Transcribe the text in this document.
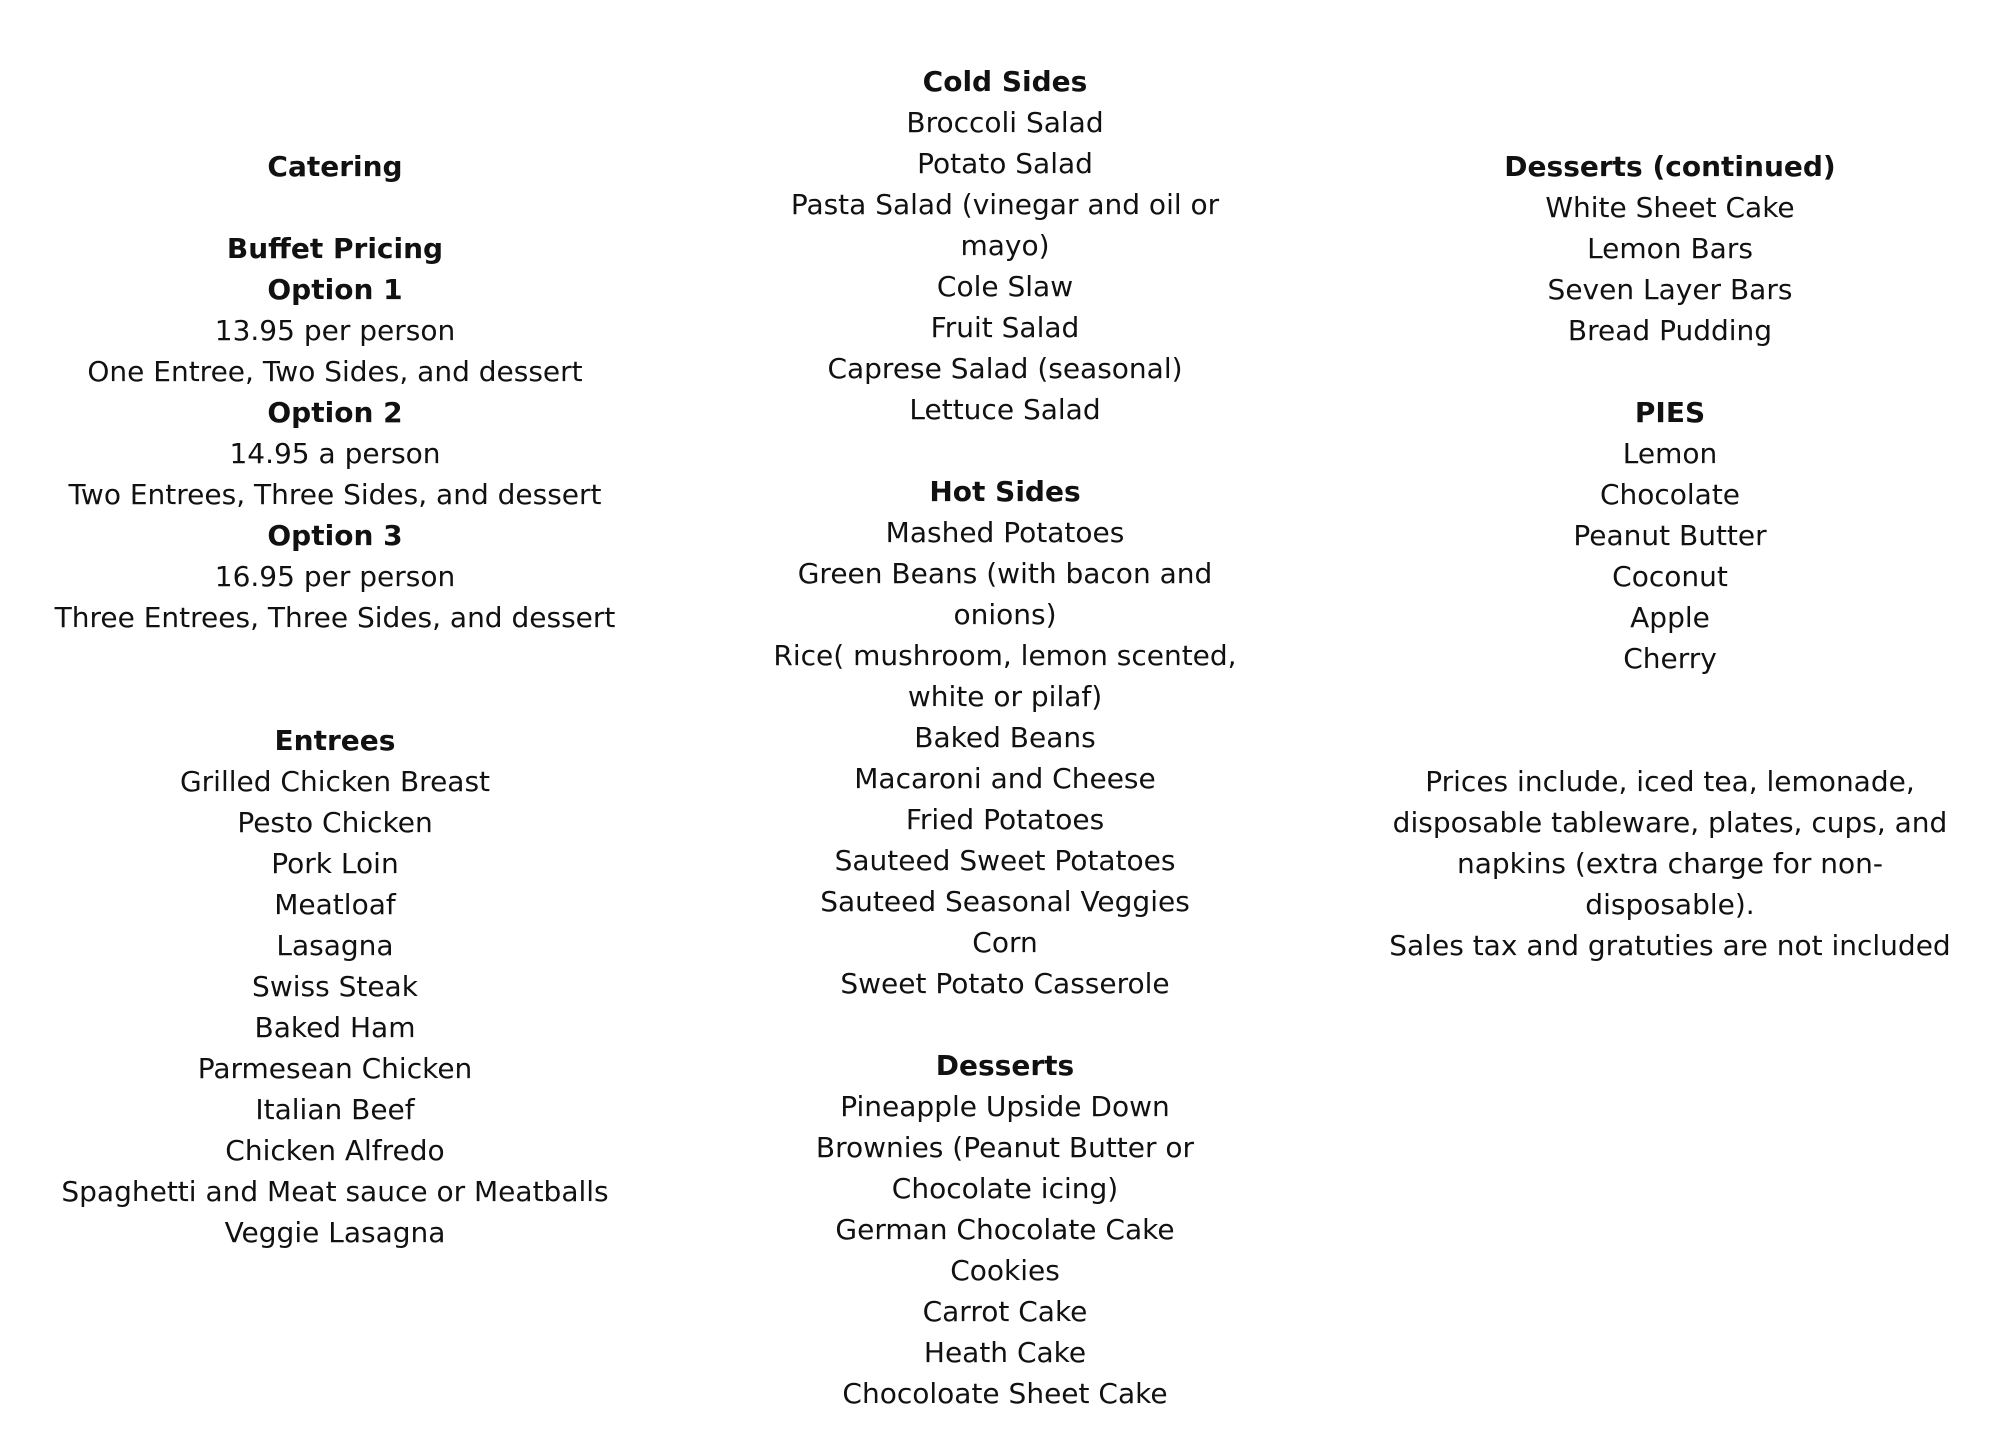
Catering
Buffet Pricing
Option 1
13.95 per person
One Entree, Two Sides, and dessert
Option 2
14.95 a person
Two Entrees, Three Sides, and dessert
Option 3
16.95 per person
Three Entrees, Three Sides, and dessert
Entrees
Grilled Chicken Breast
Pesto Chicken
Pork Loin
Meatloaf
Lasagna
Swiss Steak
Baked Ham
Parmesean Chicken
Italian Beef
Chicken Alfredo
Spaghetti and Meat sauce or Meatballs
Veggie Lasagna
Cold Sides
Broccoli Salad
Potato Salad
Pasta Salad (vinegar and oil or mayo)
Cole Slaw
Fruit Salad
Caprese Salad (seasonal)
Lettuce Salad
Hot Sides
Mashed Potatoes
Green Beans (with bacon and onions)
Rice( mushroom, lemon scented, white or pilaf)
Baked Beans
Macaroni and Cheese
Fried Potatoes
Sauteed Sweet Potatoes
Sauteed Seasonal Veggies
Corn
Sweet Potato Casserole
Desserts
Pineapple Upside Down
Brownies (Peanut Butter or Chocolate icing)
German Chocolate Cake
Cookies
Carrot Cake
Heath Cake
Chocoloate Sheet Cake
Desserts (continued)
White Sheet Cake
Lemon Bars
Seven Layer Bars
Bread Pudding
PIES
Lemon
Chocolate
Peanut Butter
Coconut
Apple
Cherry
Prices include, iced tea, lemonade, disposable tableware, plates, cups, and napkins (extra charge for non-disposable).
Sales tax and gratuties are not included
